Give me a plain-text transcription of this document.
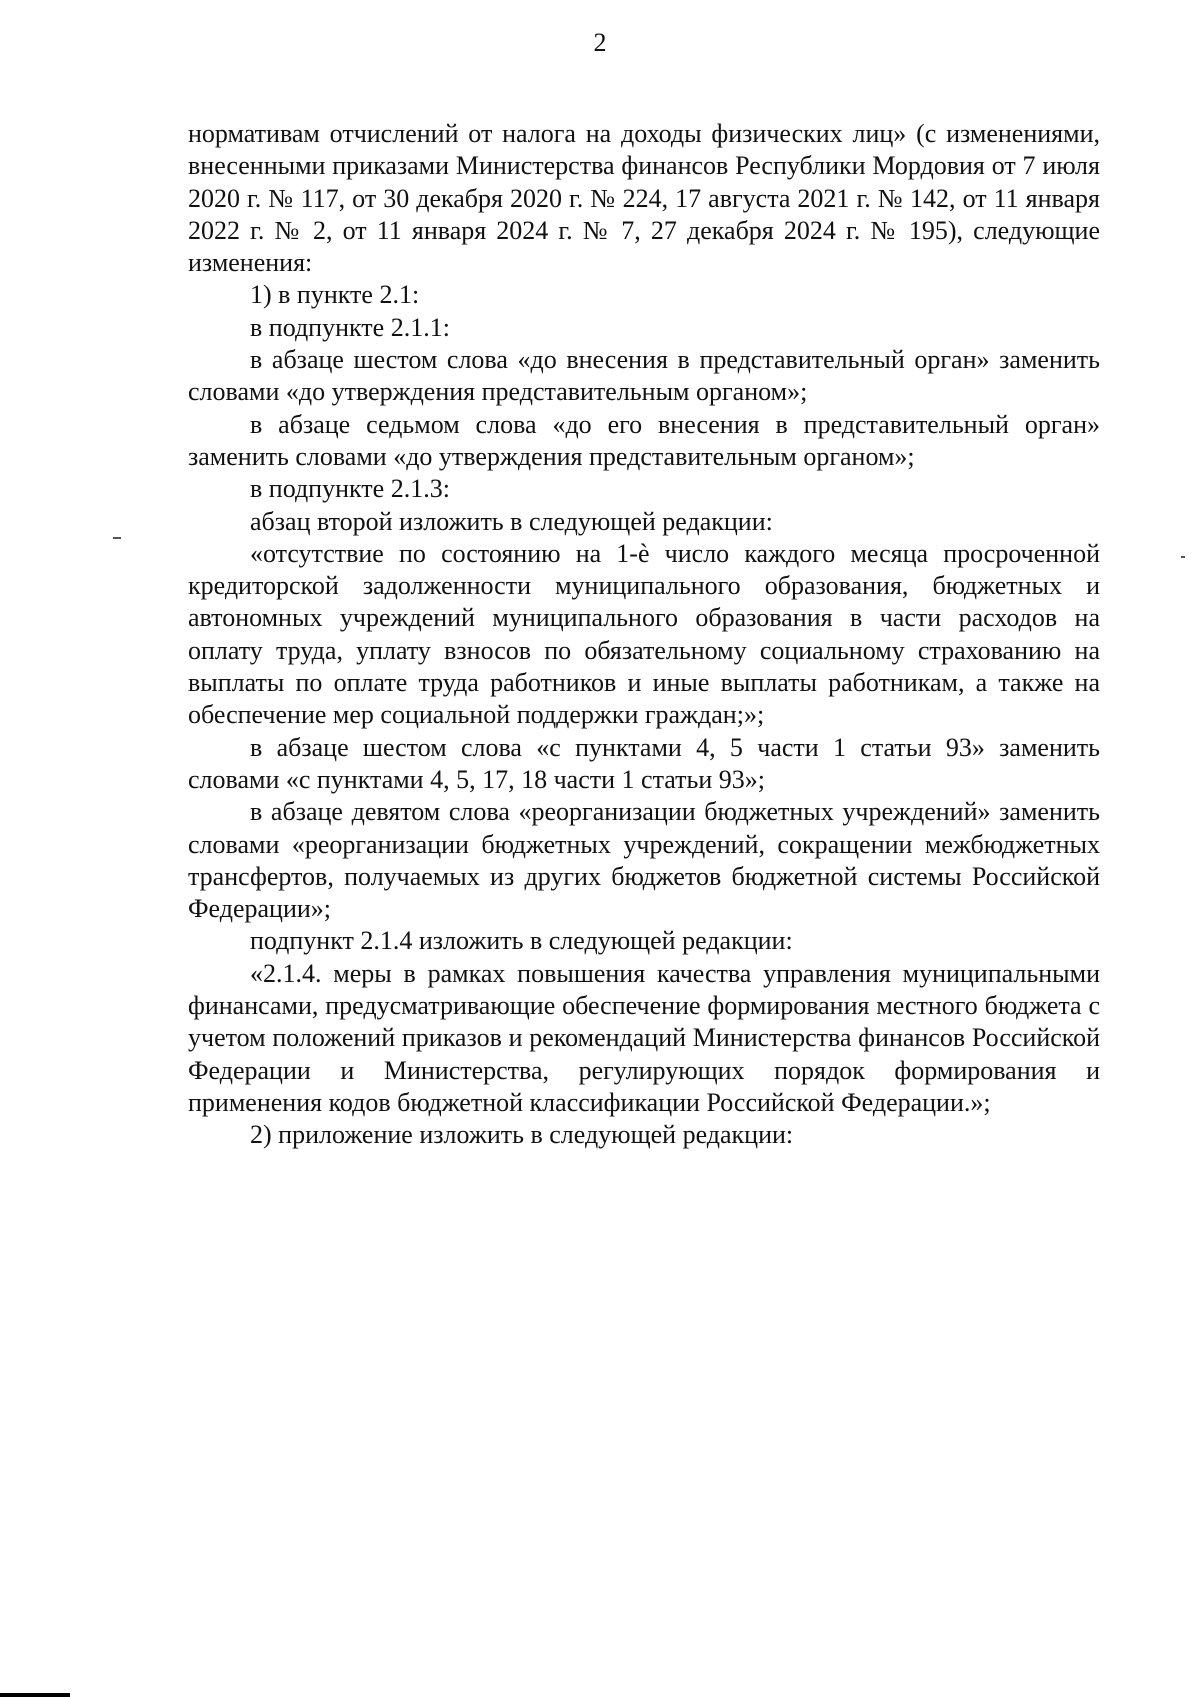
2

нормативам отчислений от налога на доходы физических лиц» (с изменениями, внесенными приказами Министерства финансов Республики Мордовия от 7 июля 2020 г. № 117, от 30 декабря 2020 г. № 224, 17 августа 2021 г. № 142, от 11 января 2022 г. № 2, от 11 января 2024 г. № 7, 27 декабря 2024 г. № 195), следующие изменения:

1) в пункте 2.1:

в подпункте 2.1.1:

в абзаце шестом слова «до внесения в представительный орган» заменить словами «до утверждения представительным органом»;

в абзаце седьмом слова «до его внесения в представительный орган» заменить словами «до утверждения представительным органом»;

в подпункте 2.1.3:

абзац второй изложить в следующей редакции:

«отсутствие по состоянию на 1-ѐ число каждого месяца просроченной кредиторской задолженности муниципального образования, бюджетных и автономных учреждений муниципального образования в части расходов на оплату труда, уплату взносов по обязательному социальному страхованию на выплаты по оплате труда работников и иные выплаты работникам, а также на обеспечение мер социальной поддержки граждан;»;

в абзаце шестом слова «с пунктами 4, 5 части 1 статьи 93» заменить словами «с пунктами 4, 5, 17, 18 части 1 статьи 93»;

в абзаце девятом слова «реорганизации бюджетных учреждений» заменить словами «реорганизации бюджетных учреждений, сокращении межбюджетных трансфертов, получаемых из других бюджетов бюджетной системы Российской Федерации»;

подпункт 2.1.4 изложить в следующей редакции:

«2.1.4. меры в рамках повышения качества управления муниципальными финансами, предусматривающие обеспечение формирования местного бюджета с учетом положений приказов и рекомендаций Министерства финансов Российской Федерации и Министерства, регулирующих порядок формирования и применения кодов бюджетной классификации Российской Федерации.»;

2) приложение изложить в следующей редакции:
